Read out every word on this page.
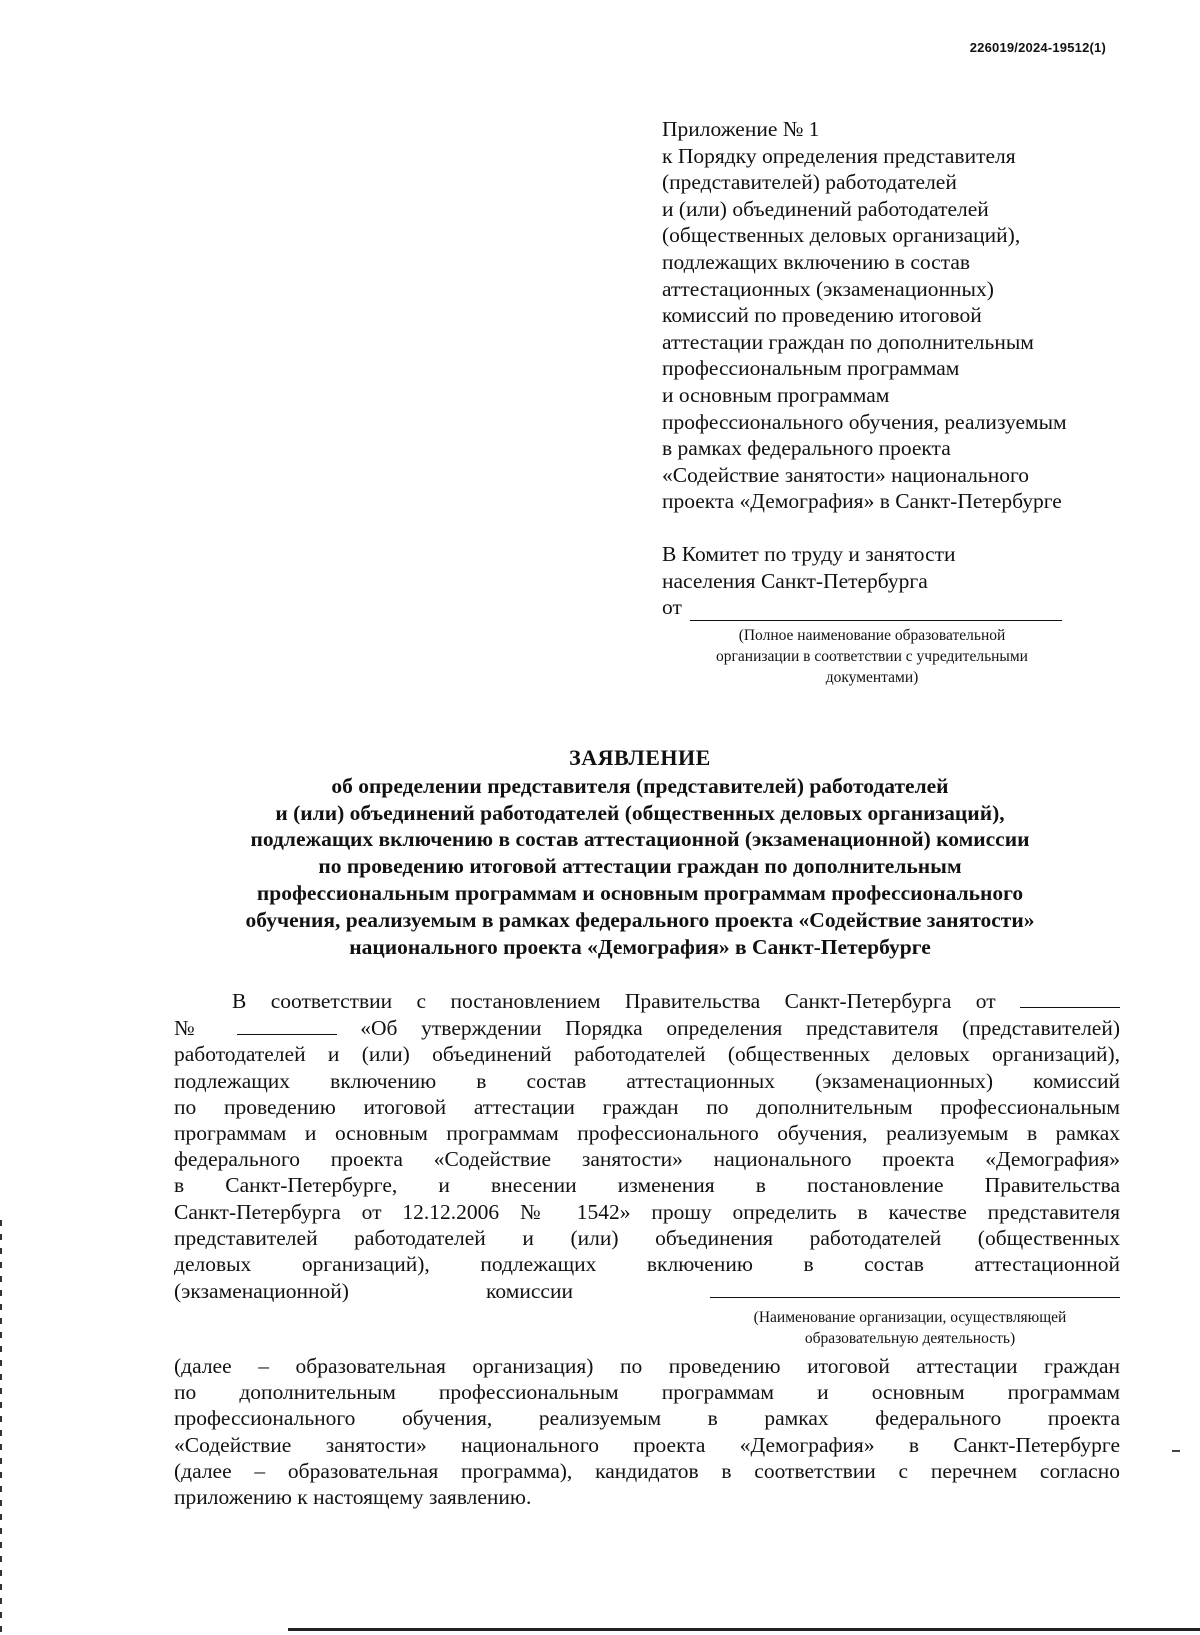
226019/2024-19512(1)
Приложение № 1
к Порядку определения представителя
(представителей) работодателей
и (или) объединений работодателей
(общественных деловых организаций),
подлежащих включению в состав
аттестационных (экзаменационных)
комиссий по проведению итоговой
аттестации граждан по дополнительным
профессиональным программам
и основным программам
профессионального обучения, реализуемым
в рамках федерального проекта
«Содействие занятости» национального
проекта «Демография» в Санкт-Петербурге
В Комитет по труду и занятости
населения Санкт-Петербурга
от
(Полное наименование образовательной
организации в соответствии с учредительными
документами)
ЗАЯВЛЕНИЕ
об определении представителя (представителей) работодателей
и (или) объединений работодателей (общественных деловых организаций),
подлежащих включению в состав аттестационной (экзаменационной) комиссии
по проведению итоговой аттестации граждан по дополнительным
профессиональным программам и основным программам профессионального
обучения, реализуемым в рамках федерального проекта «Содействие занятости»
национального проекта «Демография» в Санкт-Петербурге
В соответствии с постановлением Правительства Санкт-Петербурга от
№	«Об утверждении Порядка определения представителя (представителей)
работодателей и (или) объединений работодателей (общественных деловых организаций),
подлежащих включению в состав аттестационных (экзаменационных) комиссий
по проведению итоговой аттестации граждан по дополнительным профессиональным
программам и основным программам профессионального обучения, реализуемым в рамках
федерального проекта «Содействие занятости» национального проекта «Демография»
в Санкт-Петербурге, и внесении изменения в постановление Правительства
Санкт-Петербурга от 12.12.2006 № 1542» прошу определить в качестве представителя
представителей работодателей и (или) объединения работодателей (общественных
деловых организаций), подлежащих включению в состав аттестационной
(экзаменационной)	комиссии
(Наименование организации, осуществляющей
образовательную деятельность)
(далее – образовательная организация) по проведению итоговой аттестации граждан
по дополнительным профессиональным программам и основным программам
профессионального обучения, реализуемым в рамках федерального проекта
«Содействие занятости» национального проекта «Демография» в Санкт-Петербурге
(далее – образовательная программа), кандидатов в соответствии с перечнем согласно
приложению к настоящему заявлению.
